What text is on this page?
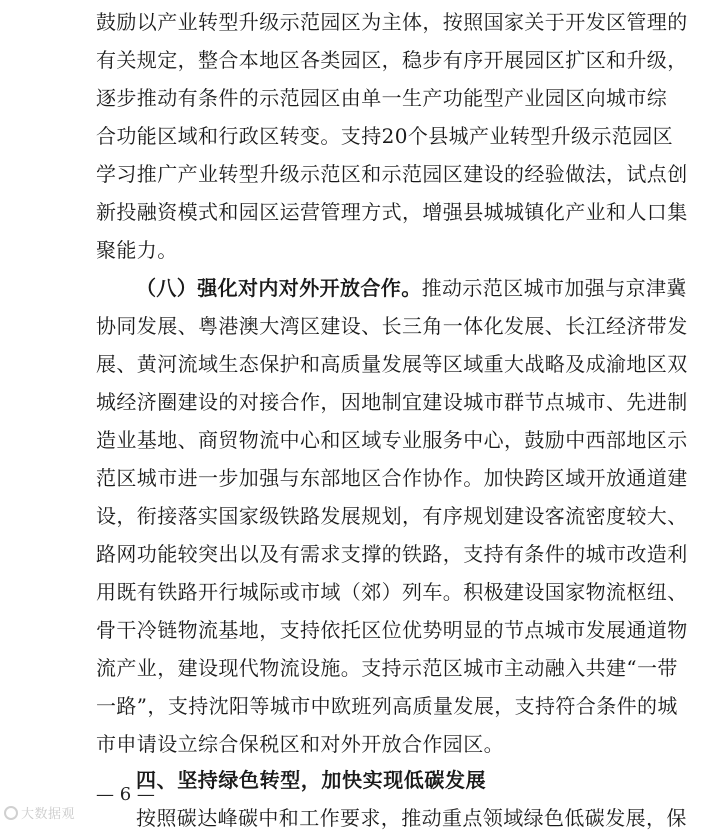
鼓励以产业转型升级示范园区为主体，按照国家关于开发区管理的
有关规定，整合本地区各类园区，稳步有序开展园区扩区和升级，
逐步推动有条件的示范园区由单一生产功能型产业园区向城市综
合功能区域和行政区转变。支持20个县城产业转型升级示范园区
学习推广产业转型升级示范区和示范园区建设的经验做法，试点创
新投融资模式和园区运营管理方式，增强县城城镇化产业和人口集
聚能力。
（八）强化对内对外开放合作。推动示范区城市加强与京津冀
协同发展、粤港澳大湾区建设、长三角一体化发展、长江经济带发
展、黄河流域生态保护和高质量发展等区域重大战略及成渝地区双
城经济圈建设的对接合作，因地制宜建设城市群节点城市、先进制
造业基地、商贸物流中心和区域专业服务中心，鼓励中西部地区示
范区城市进一步加强与东部地区合作协作。加快跨区域开放通道建
设，衔接落实国家级铁路发展规划，有序规划建设客流密度较大、
路网功能较突出以及有需求支撑的铁路，支持有条件的城市改造利
用既有铁路开行城际或市域（郊）列车。积极建设国家物流枢纽、
骨干冷链物流基地，支持依托区位优势明显的节点城市发展通道物
流产业，建设现代物流设施。支持示范区城市主动融入共建“一带
一路”，支持沈阳等城市中欧班列高质量发展，支持符合条件的城
市申请设立综合保税区和对外开放合作园区。
四、坚持绿色转型，加快实现低碳发展
按照碳达峰碳中和工作要求，推动重点领域绿色低碳发展，保
— 6 —
大数据观
